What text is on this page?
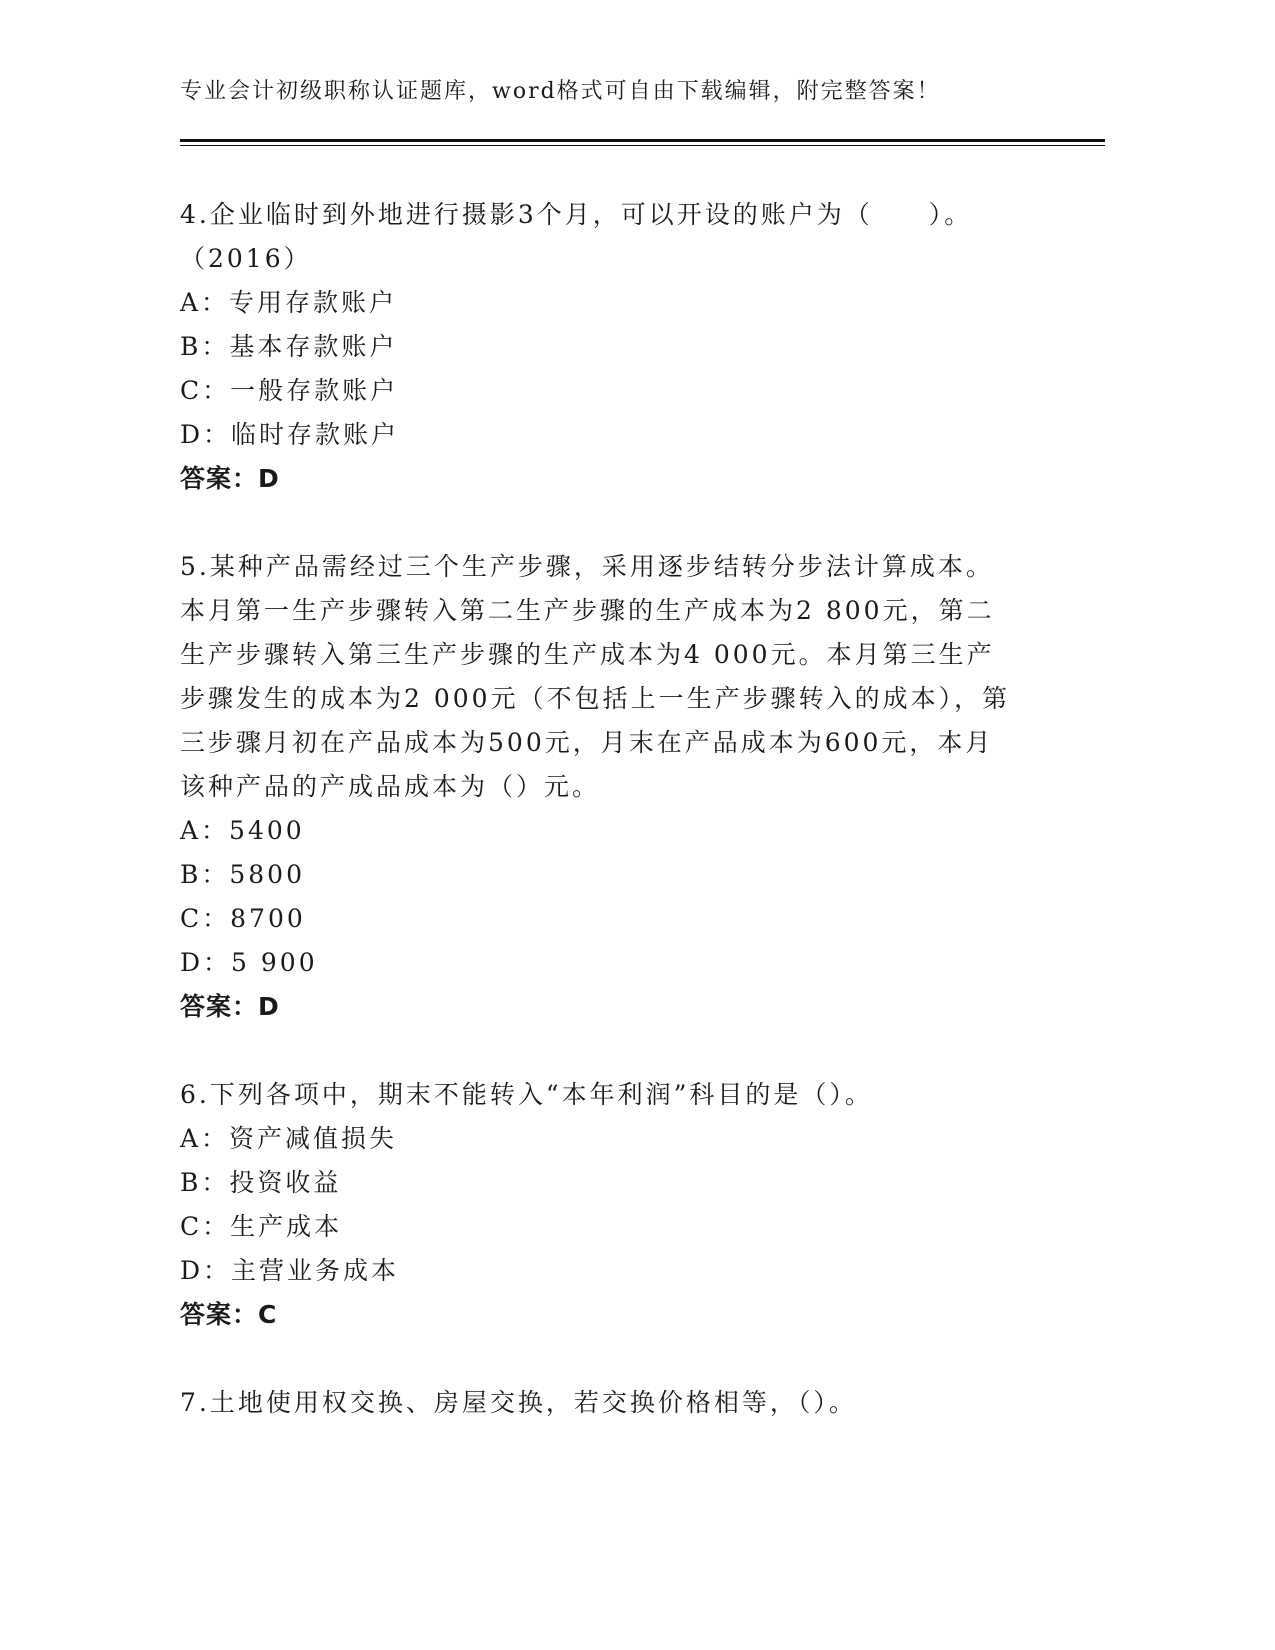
专业会计初级职称认证题库，word格式可自由下载编辑，附完整答案！

4.企业临时到外地进行摄影3个月，可以开设的账户为（　　）。（2016）

A：专用存款账户

B：基本存款账户

C：一般存款账户

D：临时存款账户

答案：D

5.某种产品需经过三个生产步骤，采用逐步结转分步法计算成本。本月第一生产步骤转入第二生产步骤的生产成本为2 800元，第二生产步骤转入第三生产步骤的生产成本为4 000元。本月第三生产步骤发生的成本为2 000元（不包括上一生产步骤转入的成本），第三步骤月初在产品成本为500元，月末在产品成本为600元，本月该种产品的产成品成本为（）元。

A：5400

B：5800

C：8700

D：5 900

答案：D

6.下列各项中，期末不能转入“本年利润”科目的是（）。

A：资产减值损失

B：投资收益

C：生产成本

D：主营业务成本

答案：C

7.土地使用权交换、房屋交换，若交换价格相等，（）。
